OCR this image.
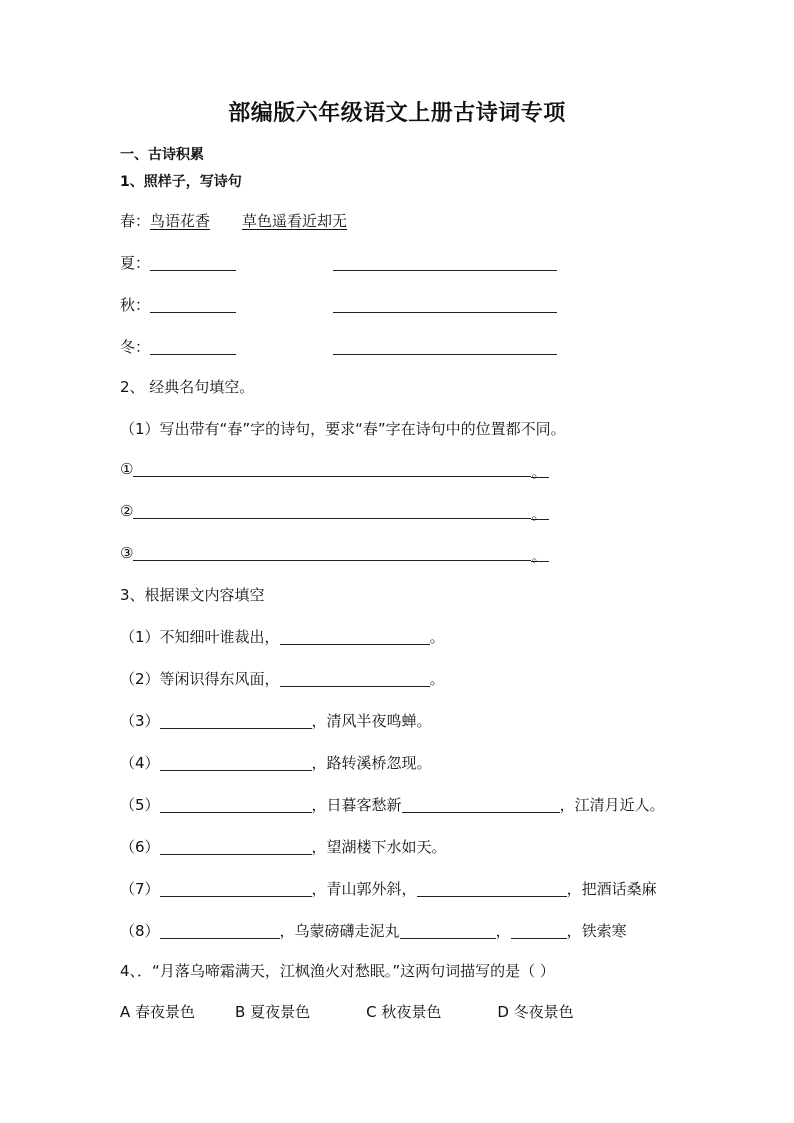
部编版六年级语文上册古诗词专项
一、古诗积累
1、照样子，写诗句
春：鸟语花香 草色遥看近却无
夏：
秋：
冬：
2、 经典名句填空。
（1）写出带有“春”字的诗句，要求“春”字在诗句中的位置都不同。
①	。
②	。
③	。
3、根据课文内容填空
（1）不知细叶谁裁出，	。
（2）等闲识得东风面，	。
（3）	，清风半夜鸣蝉。
（4）	，路转溪桥忽现。
（5）	，日暮客愁新	，江清月近人。
（6）	，望湖楼下水如天。
（7）	，青山郭外斜，	，把酒话桑麻
（8）	，乌蒙磅礴走泥丸	，	，铁索寒
4、．“月落乌啼霜满天，江枫渔火对愁眠。”这两句词描写的是（ ）
A 春夜景色	B 夏夜景色	C 秋夜景色	D 冬夜景色
